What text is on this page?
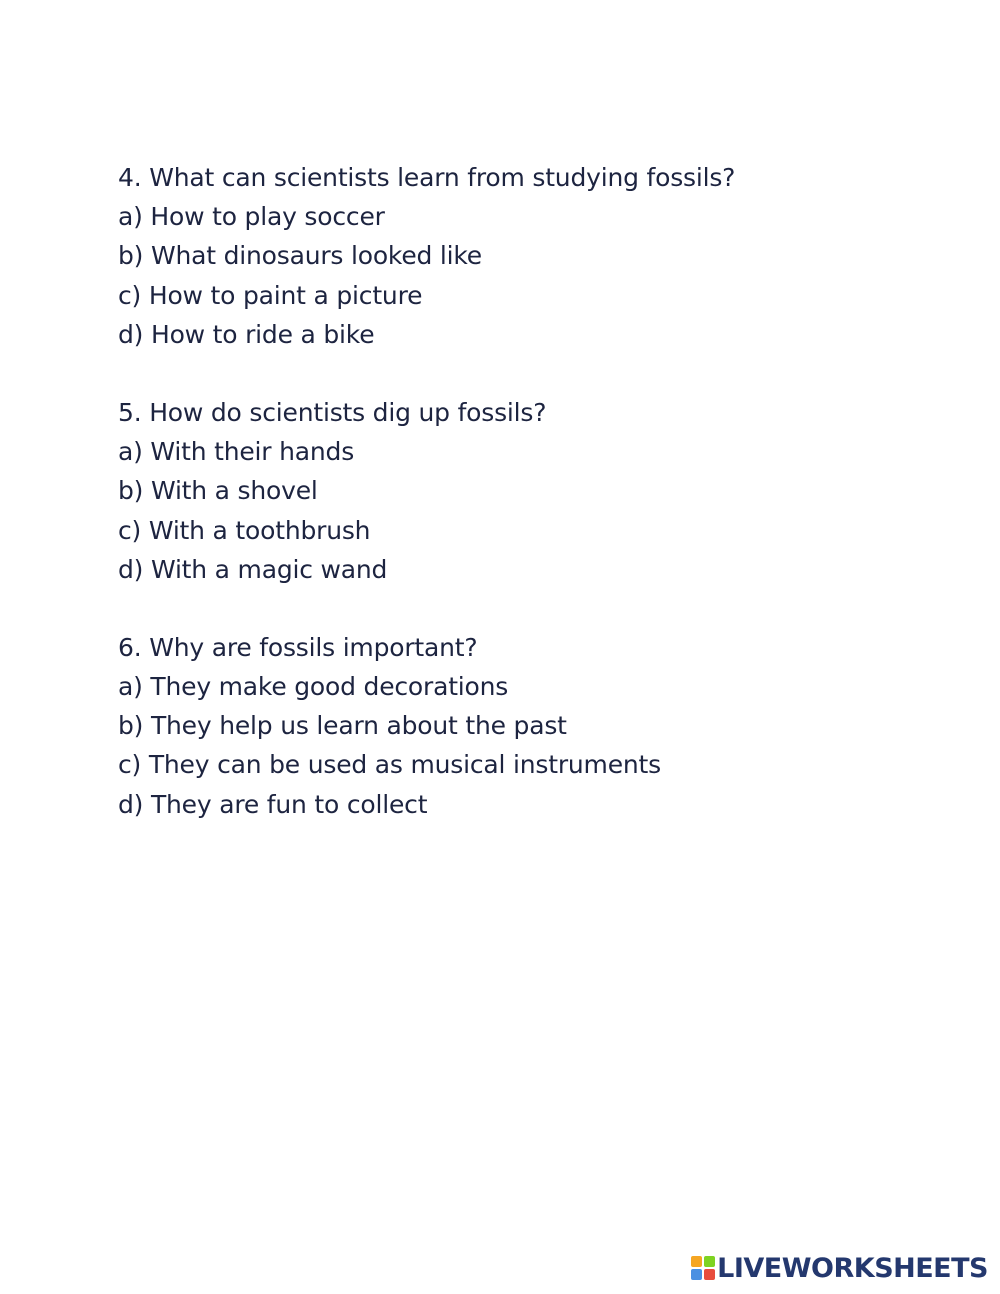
4. What can scientists learn from studying fossils?
a) How to play soccer
b) What dinosaurs looked like
c) How to paint a picture
d) How to ride a bike
5. How do scientists dig up fossils?
a) With their hands
b) With a shovel
c) With a toothbrush
d) With a magic wand
6. Why are fossils important?
a) They make good decorations
b) They help us learn about the past
c) They can be used as musical instruments
d) They are fun to collect
LIVEWORKSHEETS
